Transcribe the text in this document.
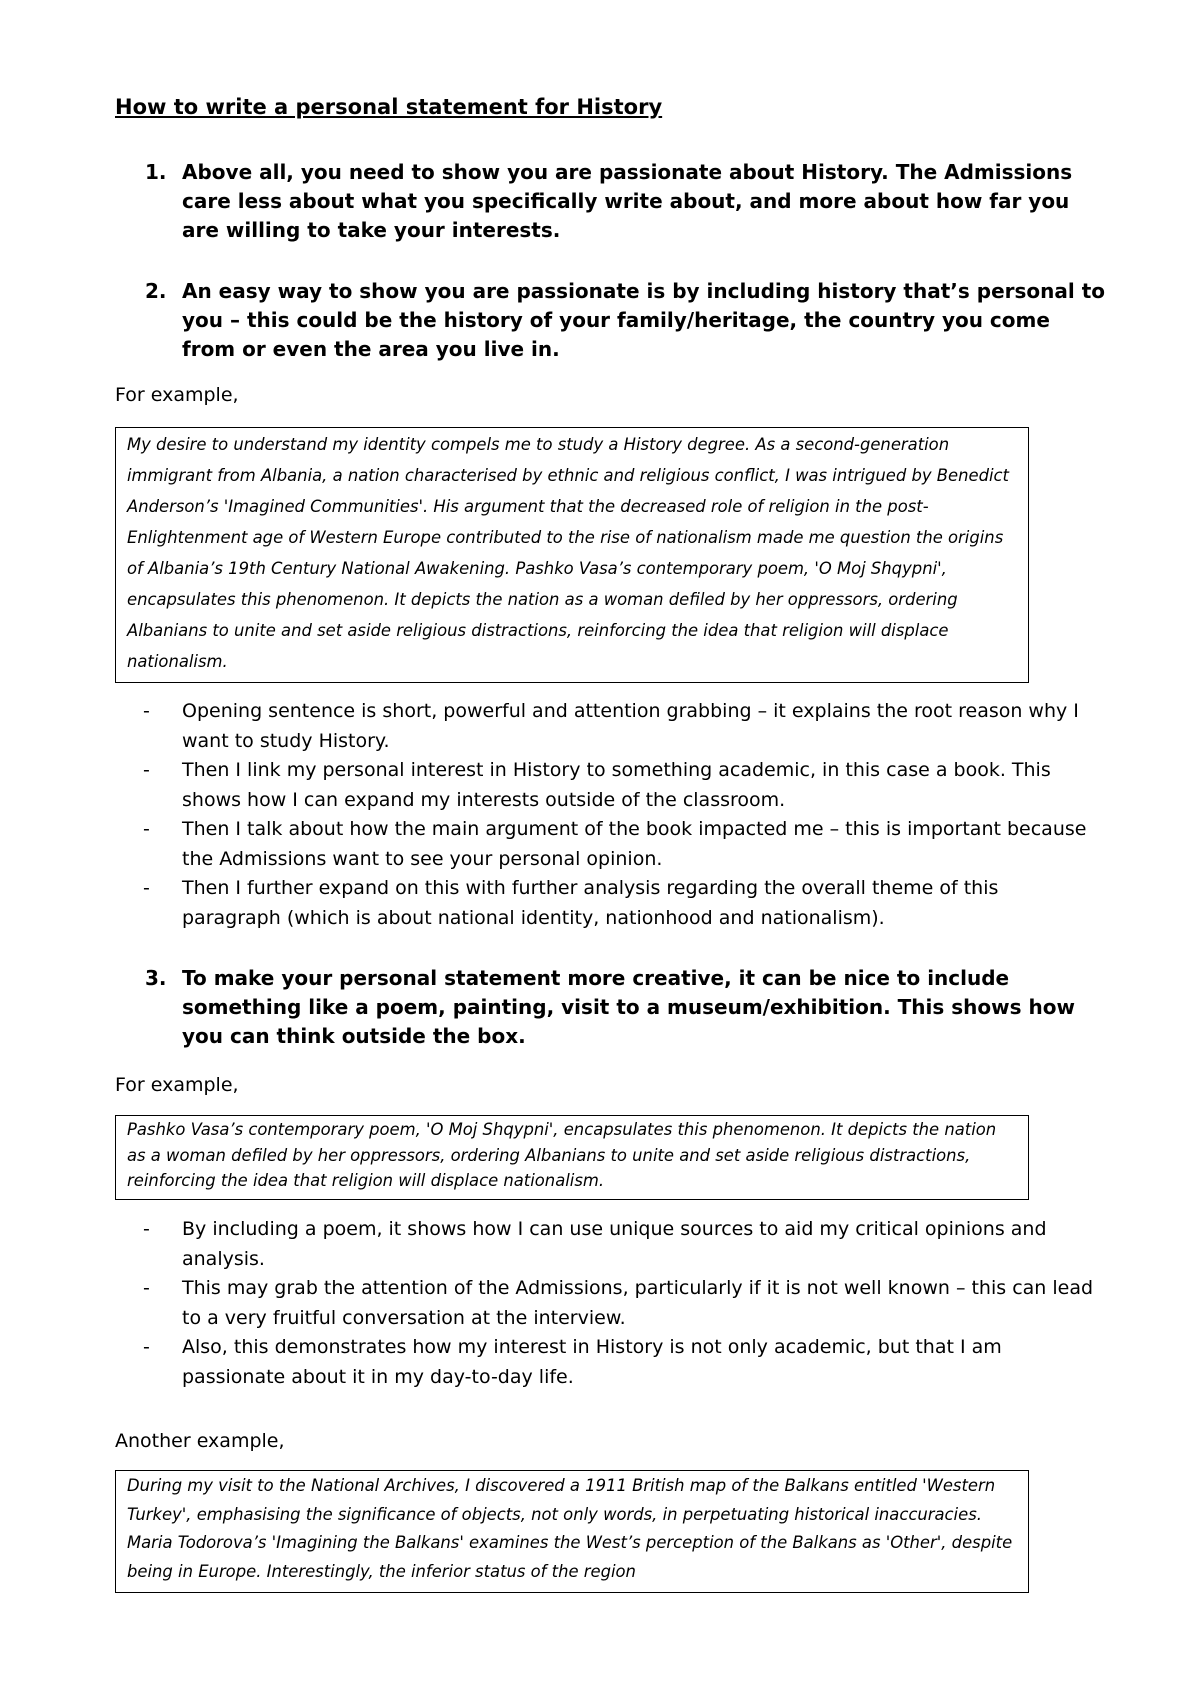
How to write a personal statement for History
1. Above all, you need to show you are passionate about History. The Admissions care less about what you specifically write about, and more about how far you are willing to take your interests.
2. An easy way to show you are passionate is by including history that’s personal to you – this could be the history of your family/heritage, the country you come from or even the area you live in.
For example,
My desire to understand my identity compels me to study a History degree. As a second-generation immigrant from Albania, a nation characterised by ethnic and religious conflict, I was intrigued by Benedict Anderson’s 'Imagined Communities'. His argument that the decreased role of religion in the post-Enlightenment age of Western Europe contributed to the rise of nationalism made me question the origins of Albania’s 19th Century National Awakening. Pashko Vasa’s contemporary poem, 'O Moj Shqypni', encapsulates this phenomenon. It depicts the nation as a woman defiled by her oppressors, ordering Albanians to unite and set aside religious distractions, reinforcing the idea that religion will displace nationalism.
- Opening sentence is short, powerful and attention grabbing – it explains the root reason why I want to study History.
- Then I link my personal interest in History to something academic, in this case a book. This shows how I can expand my interests outside of the classroom.
- Then I talk about how the main argument of the book impacted me – this is important because the Admissions want to see your personal opinion.
- Then I further expand on this with further analysis regarding the overall theme of this paragraph (which is about national identity, nationhood and nationalism).
3. To make your personal statement more creative, it can be nice to include something like a poem, painting, visit to a museum/exhibition. This shows how you can think outside the box.
For example,
Pashko Vasa’s contemporary poem, 'O Moj Shqypni', encapsulates this phenomenon. It depicts the nation as a woman defiled by her oppressors, ordering Albanians to unite and set aside religious distractions, reinforcing the idea that religion will displace nationalism.
- By including a poem, it shows how I can use unique sources to aid my critical opinions and analysis.
- This may grab the attention of the Admissions, particularly if it is not well known – this can lead to a very fruitful conversation at the interview.
- Also, this demonstrates how my interest in History is not only academic, but that I am passionate about it in my day-to-day life.
Another example,
During my visit to the National Archives, I discovered a 1911 British map of the Balkans entitled 'Western Turkey', emphasising the significance of objects, not only words, in perpetuating historical inaccuracies. Maria Todorova’s 'Imagining the Balkans' examines the West’s perception of the Balkans as 'Other', despite being in Europe. Interestingly, the inferior status of the region
